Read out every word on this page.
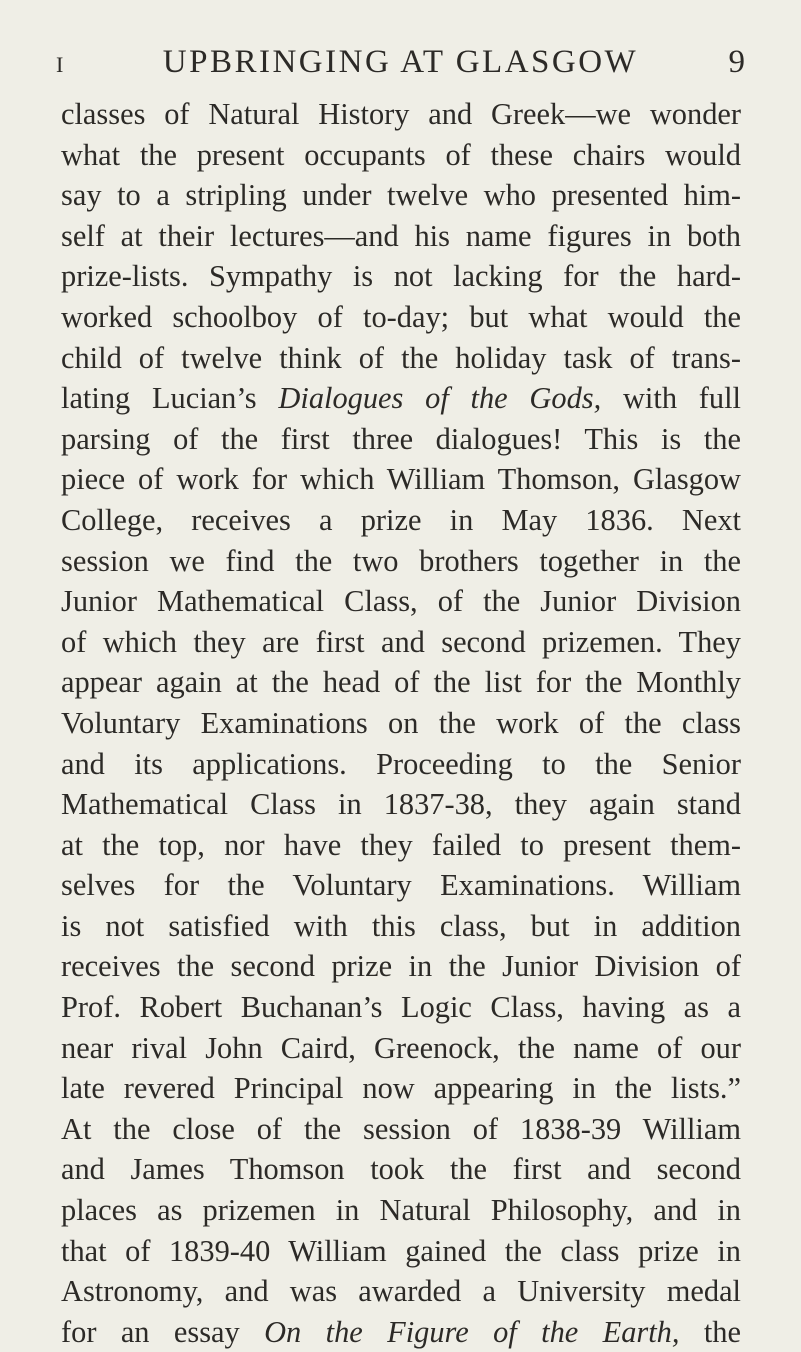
I	UPBRINGING AT GLASGOW	9
classes of Natural History and Greek—we wonder
what the present occupants of these chairs would
say to a stripling under twelve who presented him-
self at their lectures—and his name figures in both
prize-lists. Sympathy is not lacking for the hard-
worked schoolboy of to-day; but what would the
child of twelve think of the holiday task of trans-
lating Lucian’s Dialogues of the Gods, with full
parsing of the first three dialogues! This is the
piece of work for which William Thomson, Glasgow
College, receives a prize in May 1836. Next
session we find the two brothers together in the
Junior Mathematical Class, of the Junior Division
of which they are first and second prizemen. They
appear again at the head of the list for the Monthly
Voluntary Examinations on the work of the class
and its applications. Proceeding to the Senior
Mathematical Class in 1837-38, they again stand
at the top, nor have they failed to present them-
selves for the Voluntary Examinations. William
is not satisfied with this class, but in addition
receives the second prize in the Junior Division of
Prof. Robert Buchanan’s Logic Class, having as a
near rival John Caird, Greenock, the name of our
late revered Principal now appearing in the lists.”
At the close of the session of 1838-39 William
and James Thomson took the first and second
places as prizemen in Natural Philosophy, and in
that of 1839-40 William gained the class prize in
Astronomy, and was awarded a University medal
for an essay On the Figure of the Earth, the
